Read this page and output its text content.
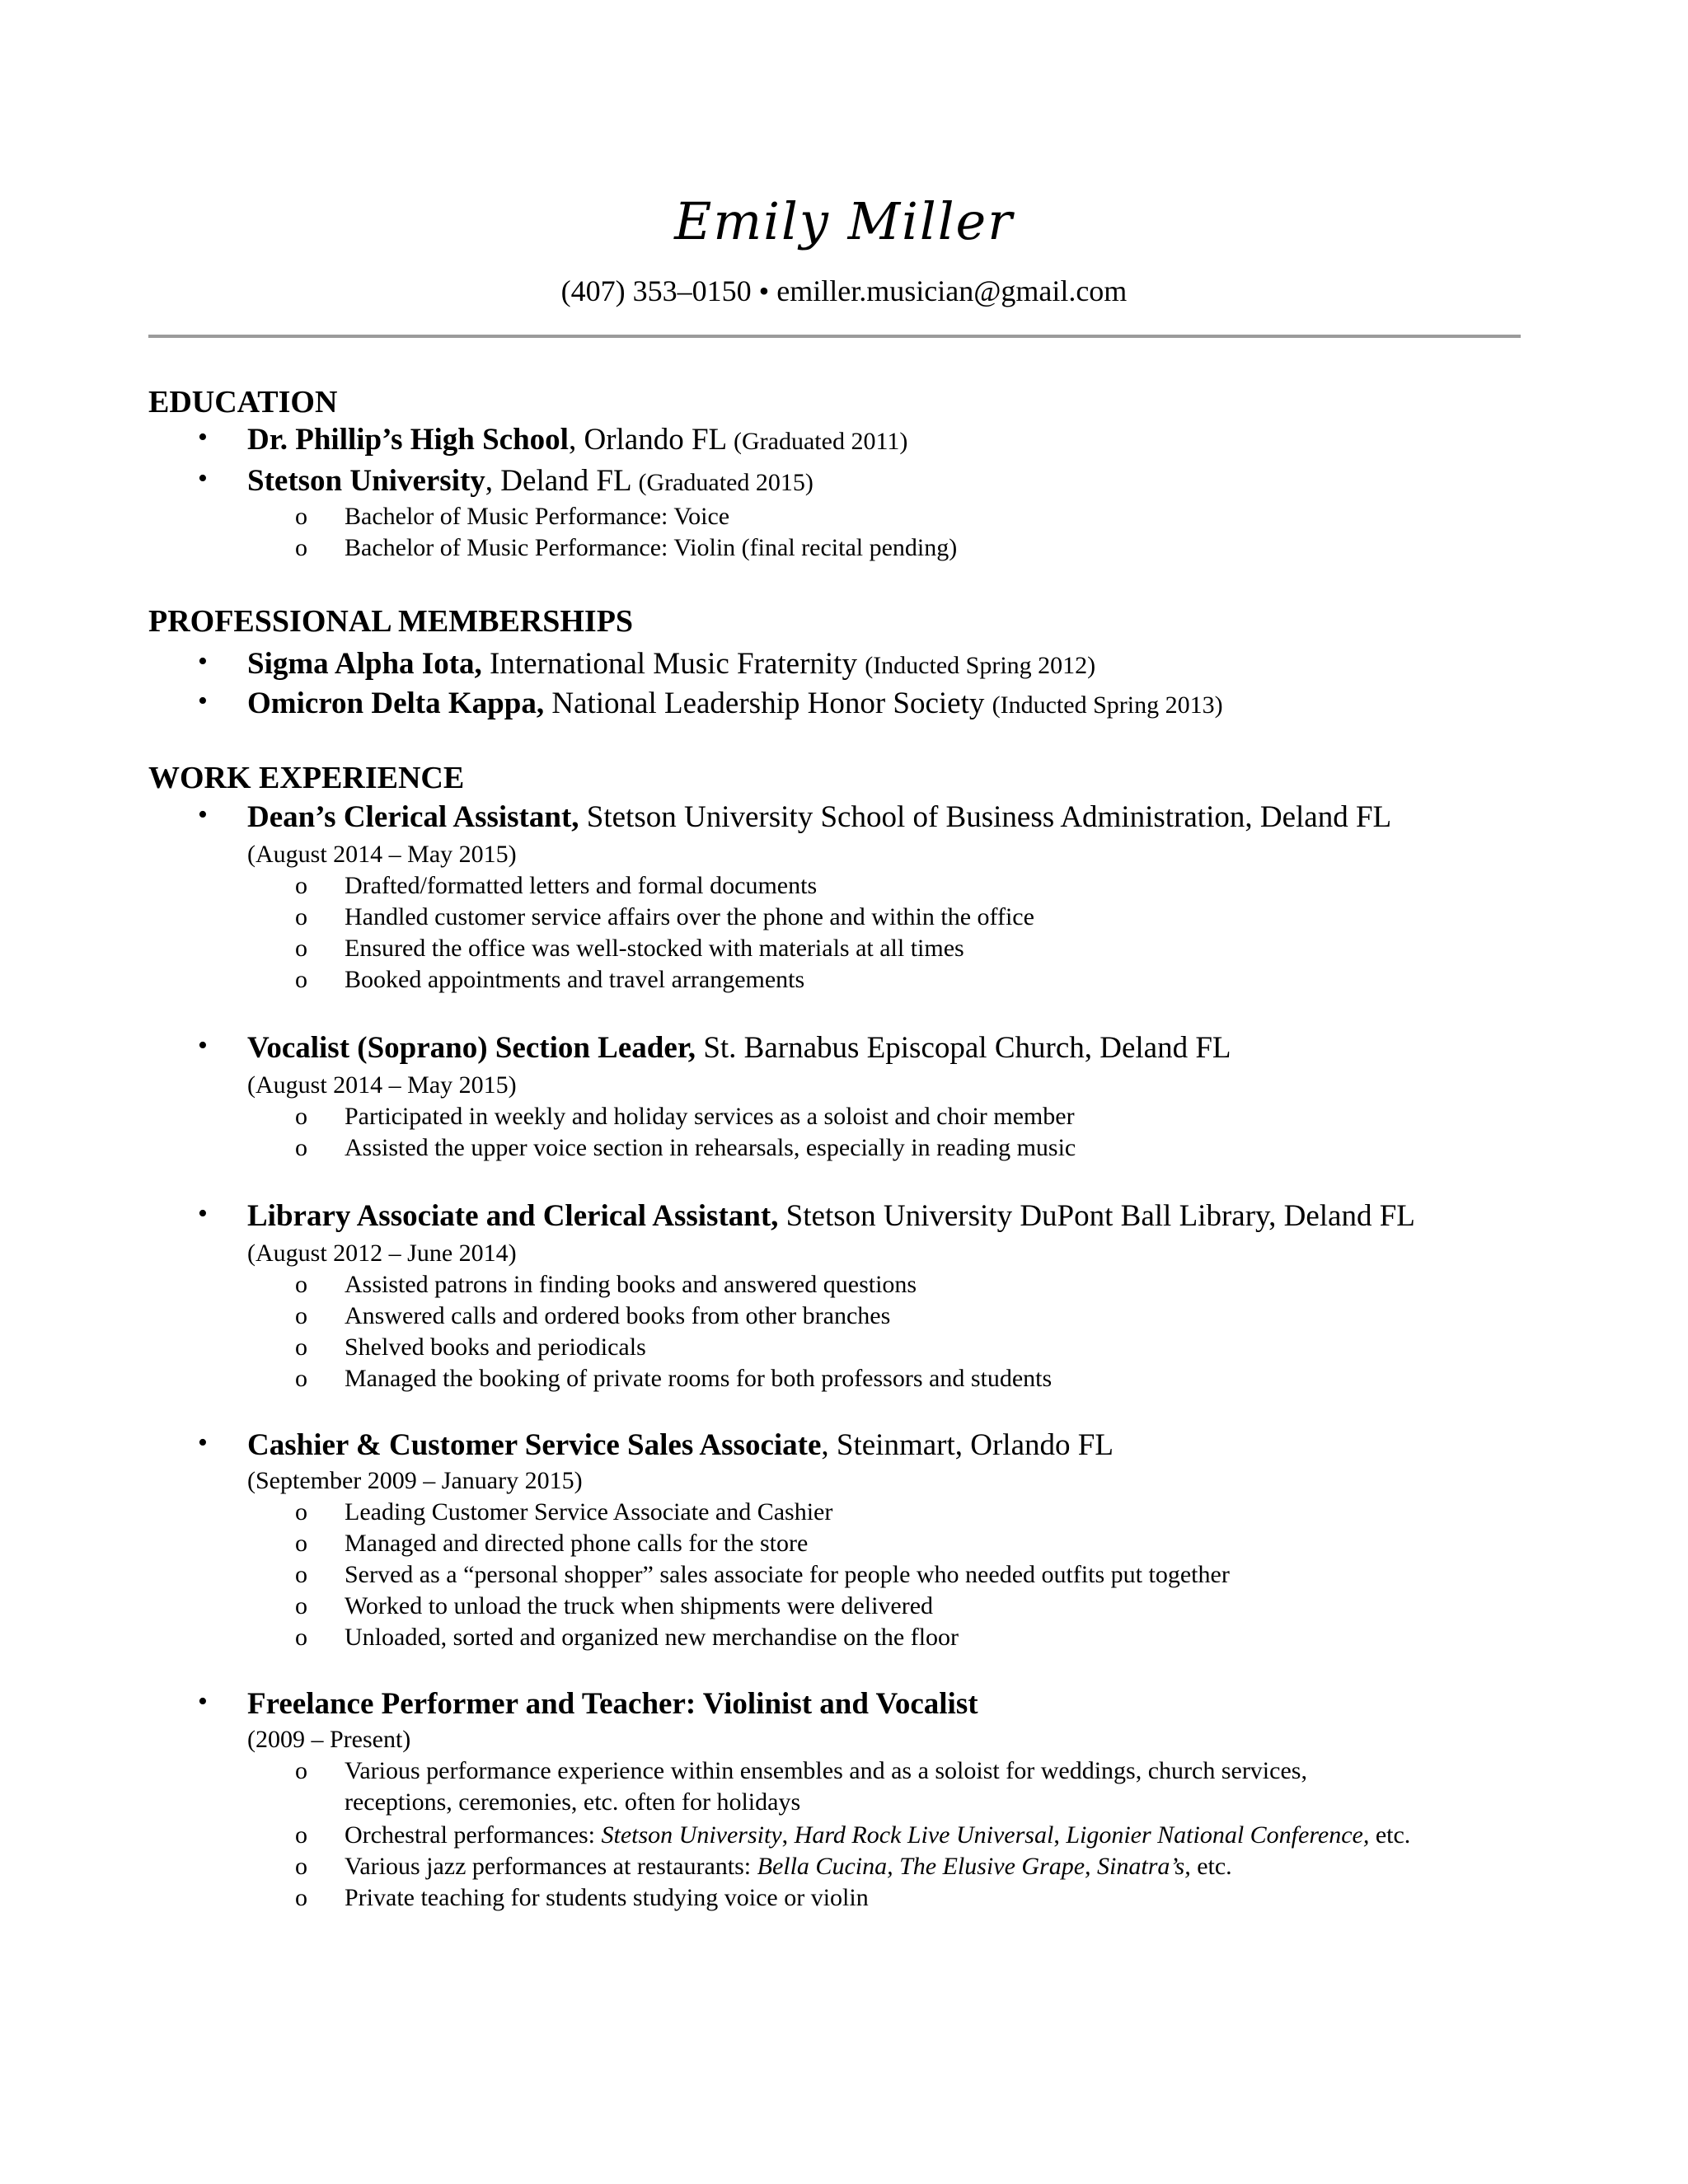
Emily Miller
(407) 353–0150 • emiller.musician@gmail.com
EDUCATION
• Dr. Phillip’s High School, Orlando FL (Graduated 2011)
• Stetson University, Deland FL (Graduated 2015)
o Bachelor of Music Performance: Voice
o Bachelor of Music Performance: Violin (final recital pending)
PROFESSIONAL MEMBERSHIPS
• Sigma Alpha Iota, International Music Fraternity (Inducted Spring 2012)
• Omicron Delta Kappa, National Leadership Honor Society (Inducted Spring 2013)
WORK EXPERIENCE
• Dean’s Clerical Assistant, Stetson University School of Business Administration, Deland FL
(August 2014 – May 2015)
o Drafted/formatted letters and formal documents
o Handled customer service affairs over the phone and within the office
o Ensured the office was well-stocked with materials at all times
o Booked appointments and travel arrangements
• Vocalist (Soprano) Section Leader, St. Barnabus Episcopal Church, Deland FL
(August 2014 – May 2015)
o Participated in weekly and holiday services as a soloist and choir member
o Assisted the upper voice section in rehearsals, especially in reading music
• Library Associate and Clerical Assistant, Stetson University DuPont Ball Library, Deland FL
(August 2012 – June 2014)
o Assisted patrons in finding books and answered questions
o Answered calls and ordered books from other branches
o Shelved books and periodicals
o Managed the booking of private rooms for both professors and students
• Cashier & Customer Service Sales Associate, Steinmart, Orlando FL
(September 2009 – January 2015)
o Leading Customer Service Associate and Cashier
o Managed and directed phone calls for the store
o Served as a “personal shopper” sales associate for people who needed outfits put together
o Worked to unload the truck when shipments were delivered
o Unloaded, sorted and organized new merchandise on the floor
• Freelance Performer and Teacher: Violinist and Vocalist
(2009 – Present)
o Various performance experience within ensembles and as a soloist for weddings, church services,
receptions, ceremonies, etc. often for holidays
o Orchestral performances: Stetson University, Hard Rock Live Universal, Ligonier National Conference, etc.
o Various jazz performances at restaurants: Bella Cucina, The Elusive Grape, Sinatra’s, etc.
o Private teaching for students studying voice or violin
